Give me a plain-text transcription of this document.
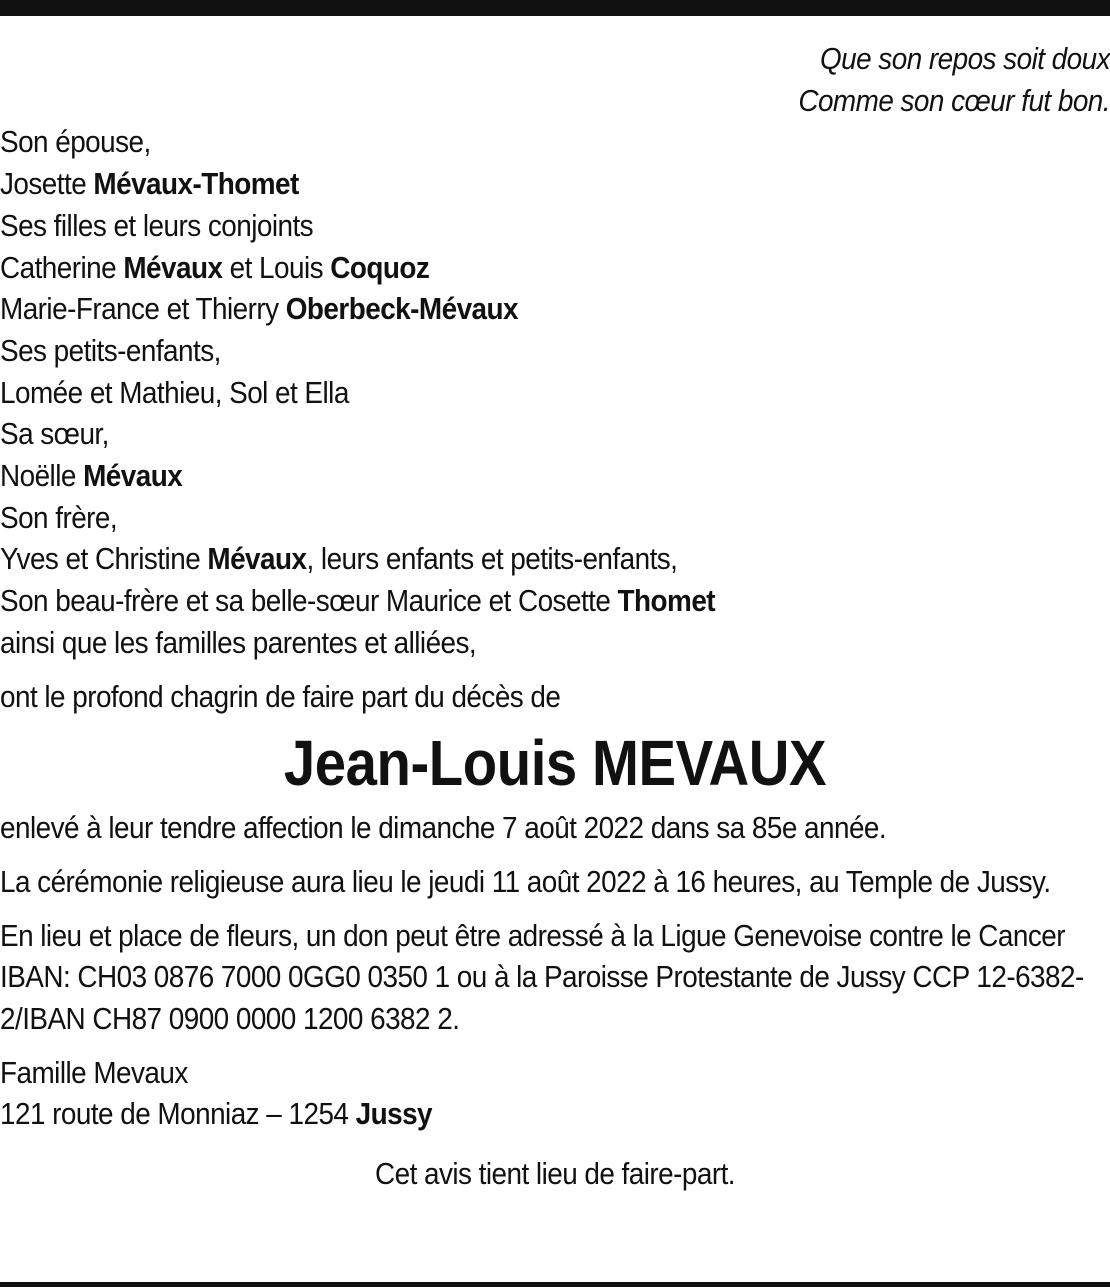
Que son repos soit doux
Comme son cœur fut bon.
Son épouse,
Josette Mévaux-Thomet
Ses filles et leurs conjoints
Catherine Mévaux et Louis Coquoz
Marie-France et Thierry Oberbeck-Mévaux
Ses petits-enfants,
Lomée et Mathieu, Sol et Ella
Sa sœur,
Noëlle Mévaux
Son frère,
Yves et Christine Mévaux, leurs enfants et petits-enfants,
Son beau-frère et sa belle-sœur Maurice et Cosette Thomet
ainsi que les familles parentes et alliées,
ont le profond chagrin de faire part du décès de
Jean-Louis MEVAUX
enlevé à leur tendre affection le dimanche 7 août 2022 dans sa 85e année.
La cérémonie religieuse aura lieu le jeudi 11 août 2022 à 16 heures, au Temple de Jussy.
En lieu et place de fleurs, un don peut être adressé à la Ligue Genevoise contre le Cancer IBAN: CH03 0876 7000 0GG0 0350 1 ou à la Paroisse Protestante de Jussy CCP 12-6382-2/IBAN CH87 0900 0000 1200 6382 2.
Famille Mevaux
121 route de Monniaz – 1254 Jussy
Cet avis tient lieu de faire-part.
